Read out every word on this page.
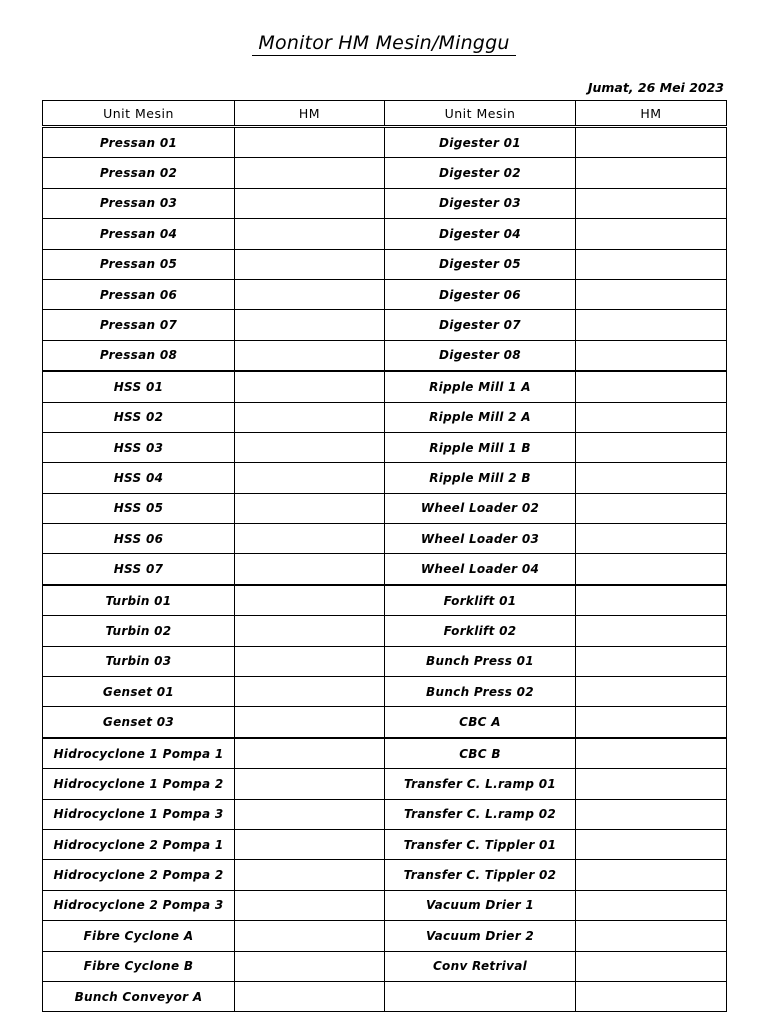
Monitor HM Mesin/Minggu
Jumat, 26 Mei 2023
Unit Mesin	HM	Unit Mesin	HM
Pressan 01		Digester 01	
Pressan 02		Digester 02	
Pressan 03		Digester 03	
Pressan 04		Digester 04	
Pressan 05		Digester 05	
Pressan 06		Digester 06	
Pressan 07		Digester 07	
Pressan 08		Digester 08	
HSS 01		Ripple Mill 1 A	
HSS 02		Ripple Mill 2 A	
HSS 03		Ripple Mill 1 B	
HSS 04		Ripple Mill 2 B	
HSS 05		Wheel Loader 02	
HSS 06		Wheel Loader 03	
HSS 07		Wheel Loader 04	
Turbin 01		Forklift 01	
Turbin 02		Forklift 02	
Turbin 03		Bunch Press 01	
Genset 01		Bunch Press 02	
Genset 03		CBC A	
Hidrocyclone 1 Pompa 1		CBC B	
Hidrocyclone 1 Pompa 2		Transfer C. L.ramp 01	
Hidrocyclone 1 Pompa 3		Transfer C. L.ramp 02	
Hidrocyclone 2 Pompa 1		Transfer C. Tippler 01	
Hidrocyclone 2 Pompa 2		Transfer C. Tippler 02	
Hidrocyclone 2 Pompa 3		Vacuum Drier 1	
Fibre Cyclone A		Vacuum Drier 2	
Fibre Cyclone B		Conv Retrival	
Bunch Conveyor A			
